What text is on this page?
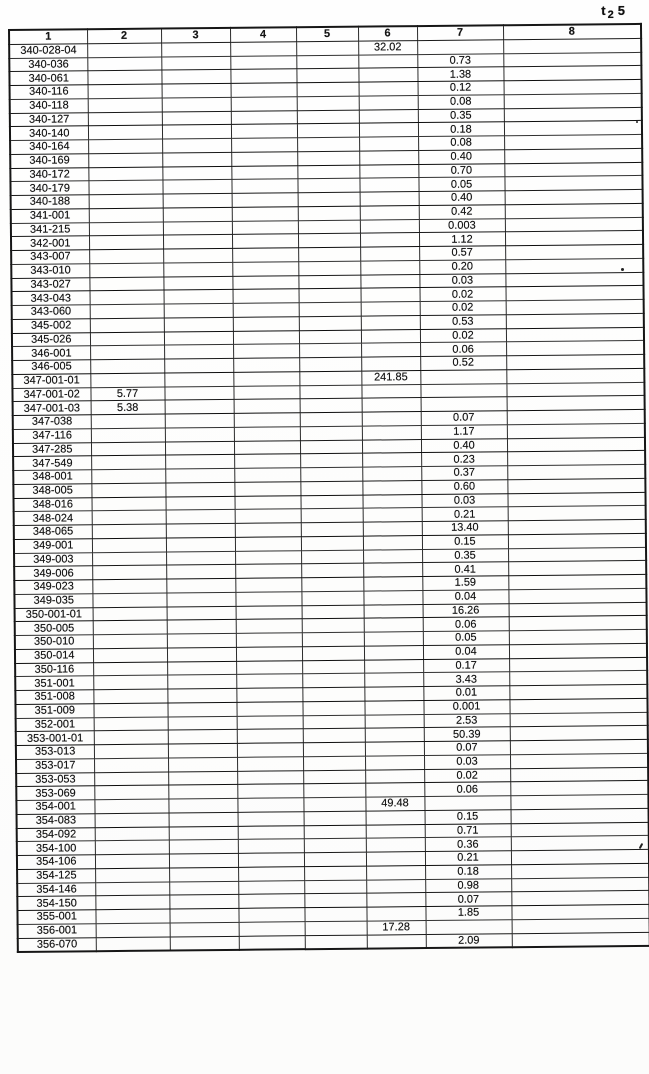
$t_2$ 5
1	2	3	4	5	6	7	8
340-028-04					32.02		
340-036						0.73	
340-061						1.38	
340-116						0.12	
340-118						0.08	
340-127						0.35	
340-140						0.18	
340-164						0.08	
340-169						0.40	
340-172						0.70	
340-179						0.05	
340-188						0.40	
341-001						0.42	
341-215						0.003	
342-001						1.12	
343-007						0.57	
343-010						0.20	
343-027						0.03	
343-043						0.02	
343-060						0.02	
345-002						0.53	
345-026						0.02	
346-001						0.06	
346-005						0.52	
347-001-01					241.85		
347-001-02	5.77						
347-001-03	5.38						
347-038						0.07	
347-116						1.17	
347-285						0.40	
347-549						0.23	
348-001						0.37	
348-005						0.60	
348-016						0.03	
348-024						0.21	
348-065						13.40	
349-001						0.15	
349-003						0.35	
349-006						0.41	
349-023						1.59	
349-035						0.04	
350-001-01						16.26	
350-005						0.06	
350-010						0.05	
350-014						0.04	
350-116						0.17	
351-001						3.43	
351-008						0.01	
351-009						0.001	
352-001						2.53	
353-001-01						50.39	
353-013						0.07	
353-017						0.03	
353-053						0.02	
353-069						0.06	
354-001					49.48		
354-083						0.15	
354-092						0.71	
354-100						0.36	
354-106						0.21	
354-125						0.18	
354-146						0.98	
354-150						0.07	
355-001						1.85	
356-001					17.28		
356-070						2.09	
